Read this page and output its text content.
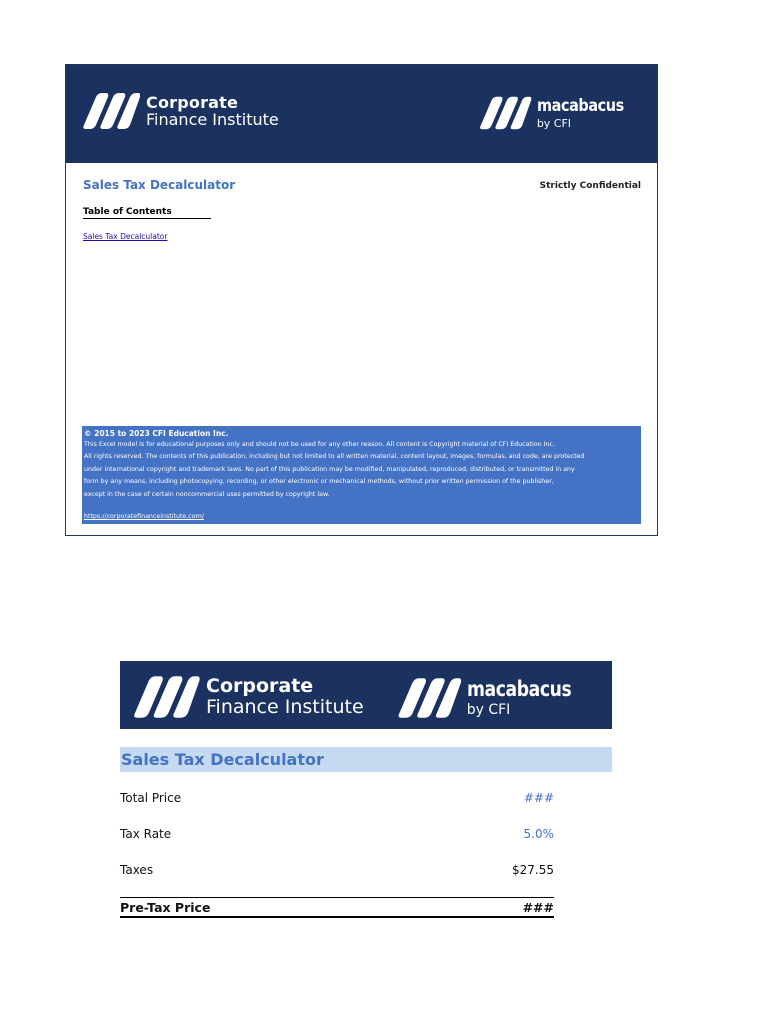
Corporate
Finance Institute
macabacus
by CFI
Sales Tax Decalculator	Strictly Confidential
Table of Contents
Sales Tax Decalculator
© 2015 to 2023 CFI Education Inc.
This Excel model is for educational purposes only and should not be used for any other reason. All content is Copyright material of CFI Education Inc.
All rights reserved. The contents of this publication, including but not limited to all written material, content layout, images, formulas, and code, are protected
under international copyright and trademark laws. No part of this publication may be modified, manipulated, reproduced, distributed, or transmitted in any
form by any means, including photocopying, recording, or other electronic or mechanical methods, without prior written permission of the publisher,
except in the case of certain noncommercial uses permitted by copyright law.
https://corporatefinanceinstitute.com/
Corporate
Finance Institute
macabacus
by CFI
Sales Tax Decalculator
Total Price	###
Tax Rate	5.0%
Taxes	$27.55
Pre-Tax Price	###
